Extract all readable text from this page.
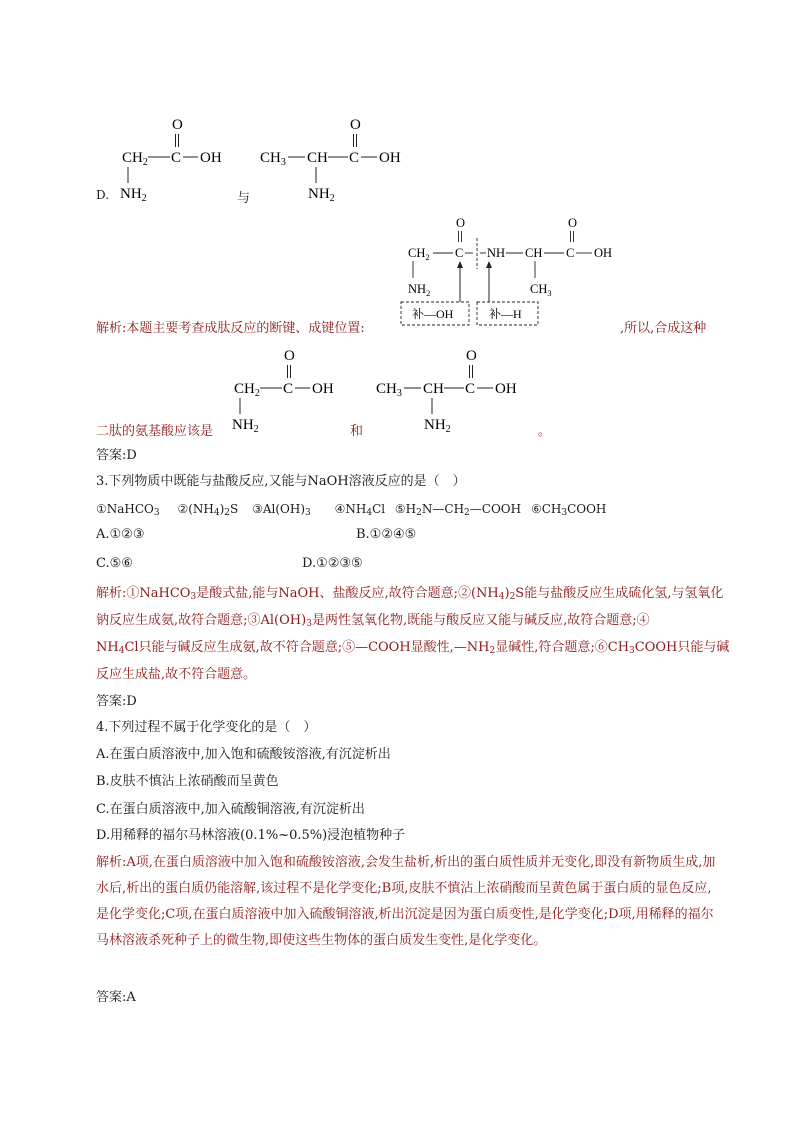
O
$CH_2$ C OH
$NH_2$
D.	与
O
$CH_3$ CH C OH
$NH_2$
O	O
$CH_2$ C NH CH C OH
$NH_2$	$CH_3$
补—OH	补—H
解析:本题主要考查成肽反应的断键、成键位置:	,所以,合成这种
O
$CH_2$ C OH
$NH_2$
二肽的氨基酸应该是	和
O
$CH_3$ CH C OH
$NH_2$	。
答案:D
3.下列物质中既能与盐酸反应,又能与NaOH溶液反应的是（　）
①NaHCO$_3$ $②(NH_4)_2S$ $③Al(OH)_3$ $④NH_4Cl$ $⑤H_2N—CH_2—COOH$ $⑥CH_3COOH$
A.①②③	B.①②④⑤
C.⑤⑥	D.①②③⑤
解析:①NaHCO$_3$是酸式盐,能与NaOH、盐酸反应,故符合题意$;②(NH_4)_2S$能与盐酸反应生成硫化氢,与氢氧化
钠反应生成氨,故符合题意$;③Al(OH)_3$是两性氢氧化物,既能与酸反应又能与碱反应,故符合题意;④
$NH_4Cl$只能与碱反应生成氨,故不符合题意;⑤—COOH显酸性$,—NH_2$显碱性,符合题意$;⑥CH_3COOH$只能与碱
反应生成盐,故不符合题意。
答案:D
4.下列过程不属于化学变化的是（　）
A.在蛋白质溶液中,加入饱和硫酸铵溶液,有沉淀析出
B.皮肤不慎沾上浓硝酸而呈黄色
C.在蛋白质溶液中,加入硫酸铜溶液,有沉淀析出
D.用稀释的福尔马林溶液(0.1%~0.5%)浸泡植物种子
解析:A项,在蛋白质溶液中加入饱和硫酸铵溶液,会发生盐析,析出的蛋白质性质并无变化,即没有新物质生成,加水后,析出的蛋白质仍能溶解,该过程不是化学变化;B项,皮肤不慎沾上浓硝酸而呈黄色属于蛋白质的显色反应,是化学变化;C项,在蛋白质溶液中加入硫酸铜溶液,析出沉淀是因为蛋白质变性,是化学变化;D项,用稀释的福尔马林溶液杀死种子上的微生物,即使这些生物体的蛋白质发生变性,是化学变化。
答案:A
